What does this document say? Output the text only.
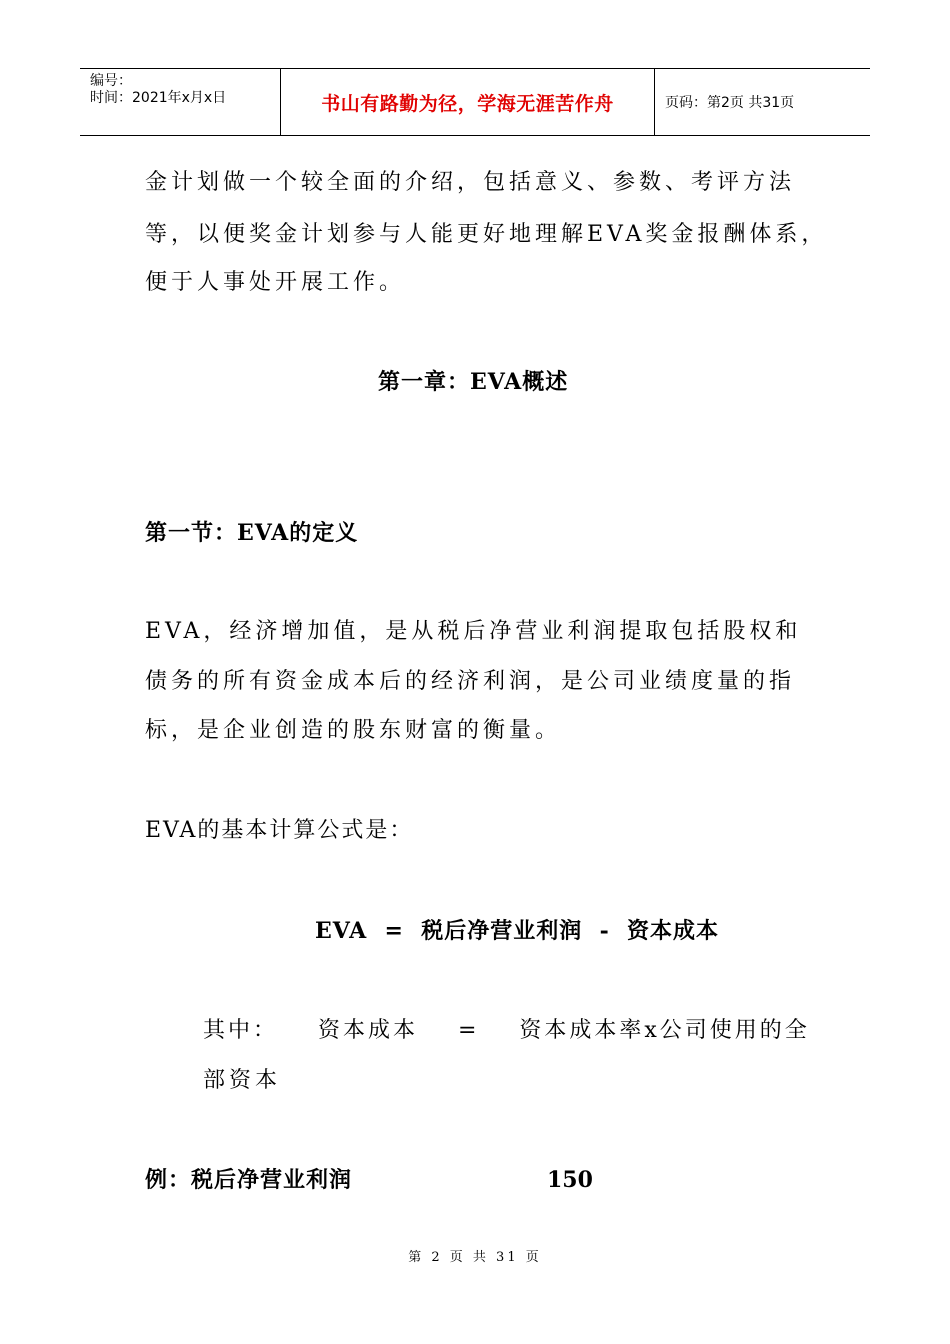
编号：
时间：2021年x月x日	书山有路勤为径，学海无涯苦作舟	页码：第2页 共31页
金计划做一个较全面的介绍，包括意义、参数、考评方法
等，以便奖金计划参与人能更好地理解EVA奖金报酬体系，
便于人事处开展工作。
第一章：EVA概述
第一节：EVA的定义
EVA，经济增加值，是从税后净营业利润提取包括股权和
债务的所有资金成本后的经济利润，是公司业绩度量的指
标，是企业创造的股东财富的衡量。
EVA的基本计算公式是：
EVA  =  税后净营业利润  -  资本成本
其中：    资本成本    =    资本成本率x公司使用的全
部资本
例：税后净营业利润	150
第 2 页 共 31 页
